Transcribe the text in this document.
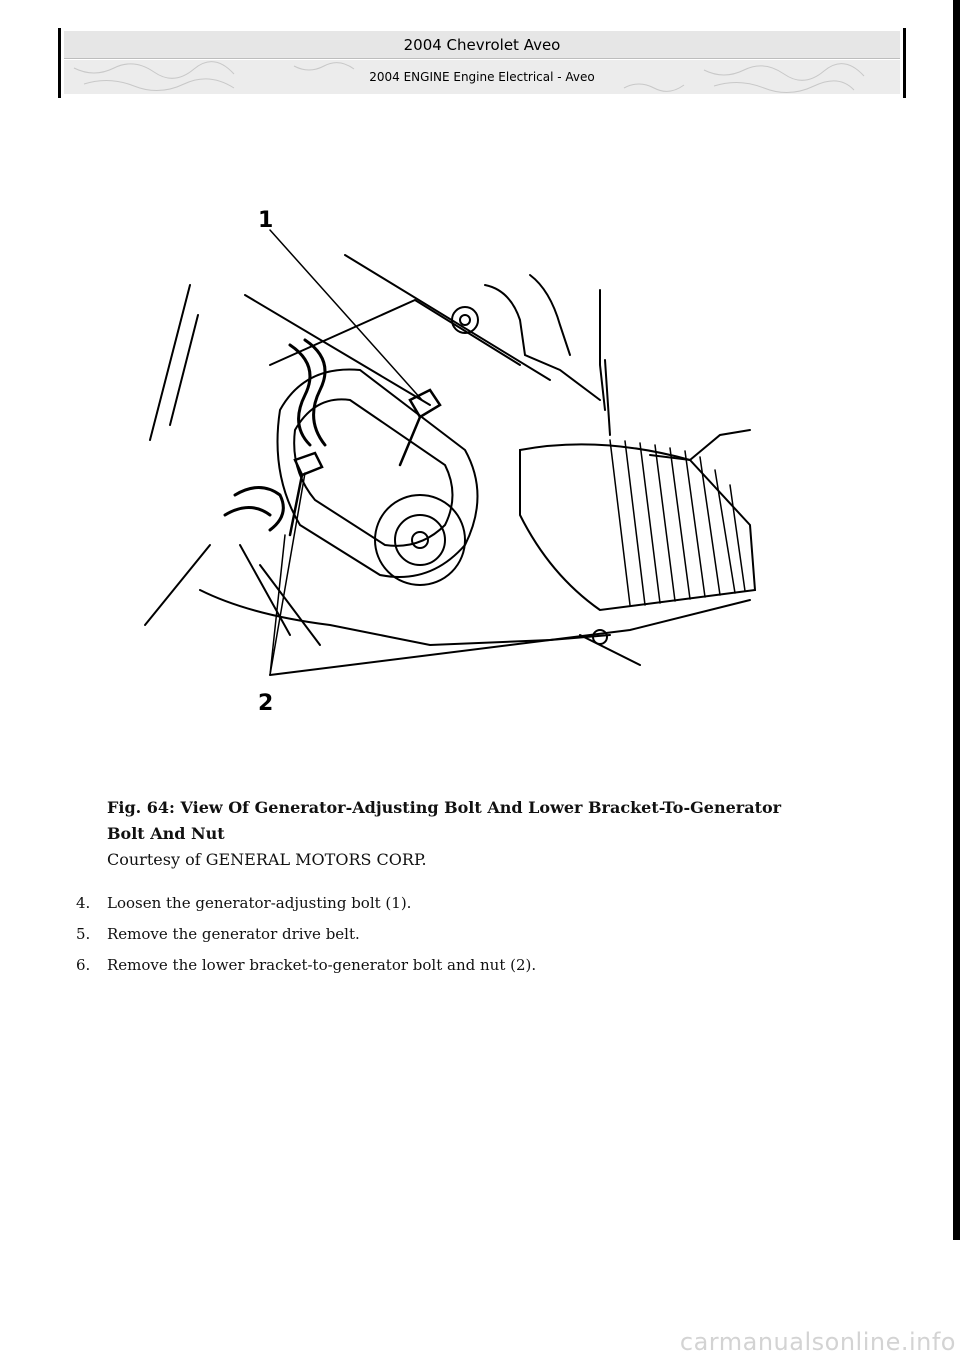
2004 Chevrolet Aveo
2004 ENGINE Engine Electrical - Aveo
1
2
Fig. 64: View Of Generator-Adjusting Bolt And Lower Bracket-To-Generator
Bolt And Nut
Courtesy of GENERAL MOTORS CORP.
4.	Loosen the generator-adjusting bolt (1).
5.	Remove the generator drive belt.
6.	Remove the lower bracket-to-generator bolt and nut (2).
carmanualsonline.info
